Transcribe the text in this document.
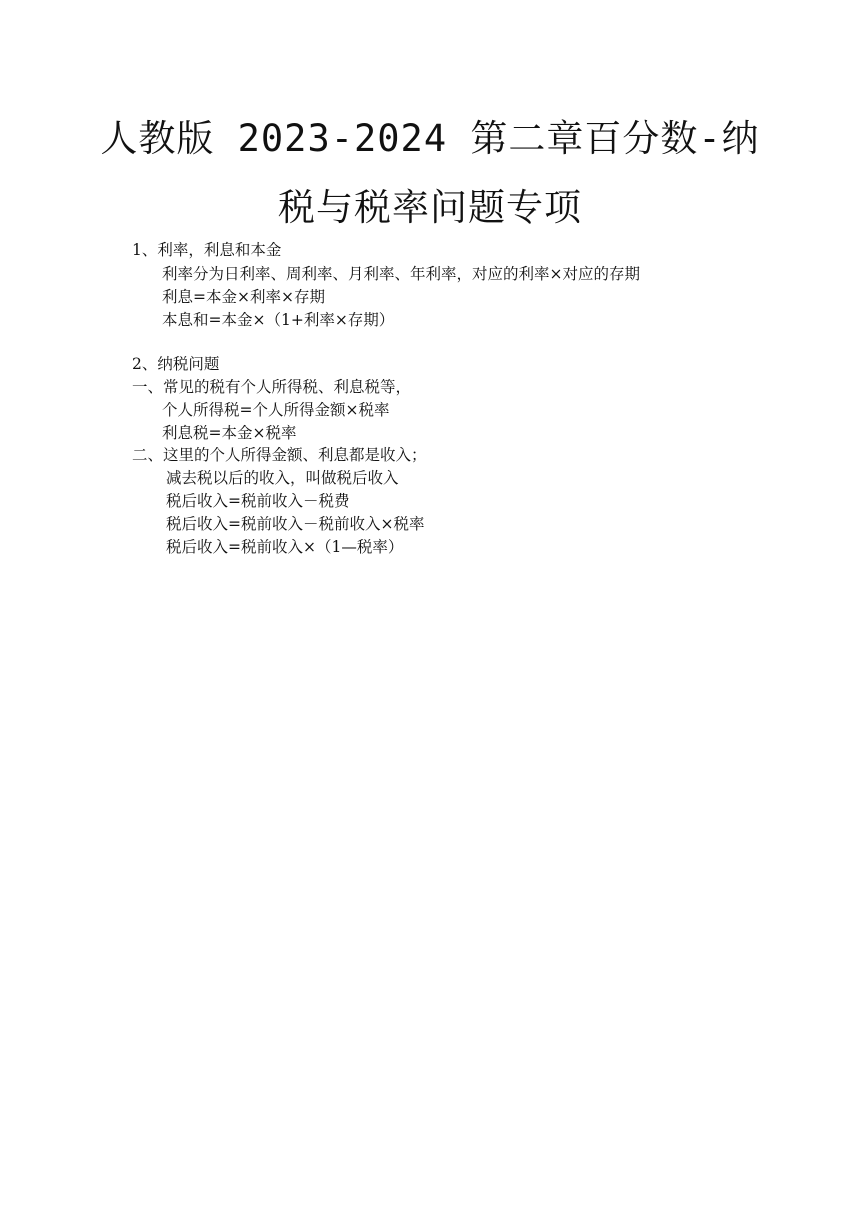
人教版 2023-2024 第二章百分数-纳
税与税率问题专项
1、利率，利息和本金
利率分为日利率、周利率、月利率、年利率，对应的利率×对应的存期
利息=本金×利率×存期
本息和=本金×（1+利率×存期）
2、纳税问题
一、常见的税有个人所得税、利息税等，
个人所得税=个人所得金额×税率
利息税=本金×税率
二、这里的个人所得金额、利息都是收入；
减去税以后的收入，叫做税后收入
税后收入=税前收入－税费
税后收入=税前收入－税前收入×税率
税后收入=税前收入×（1—税率）
